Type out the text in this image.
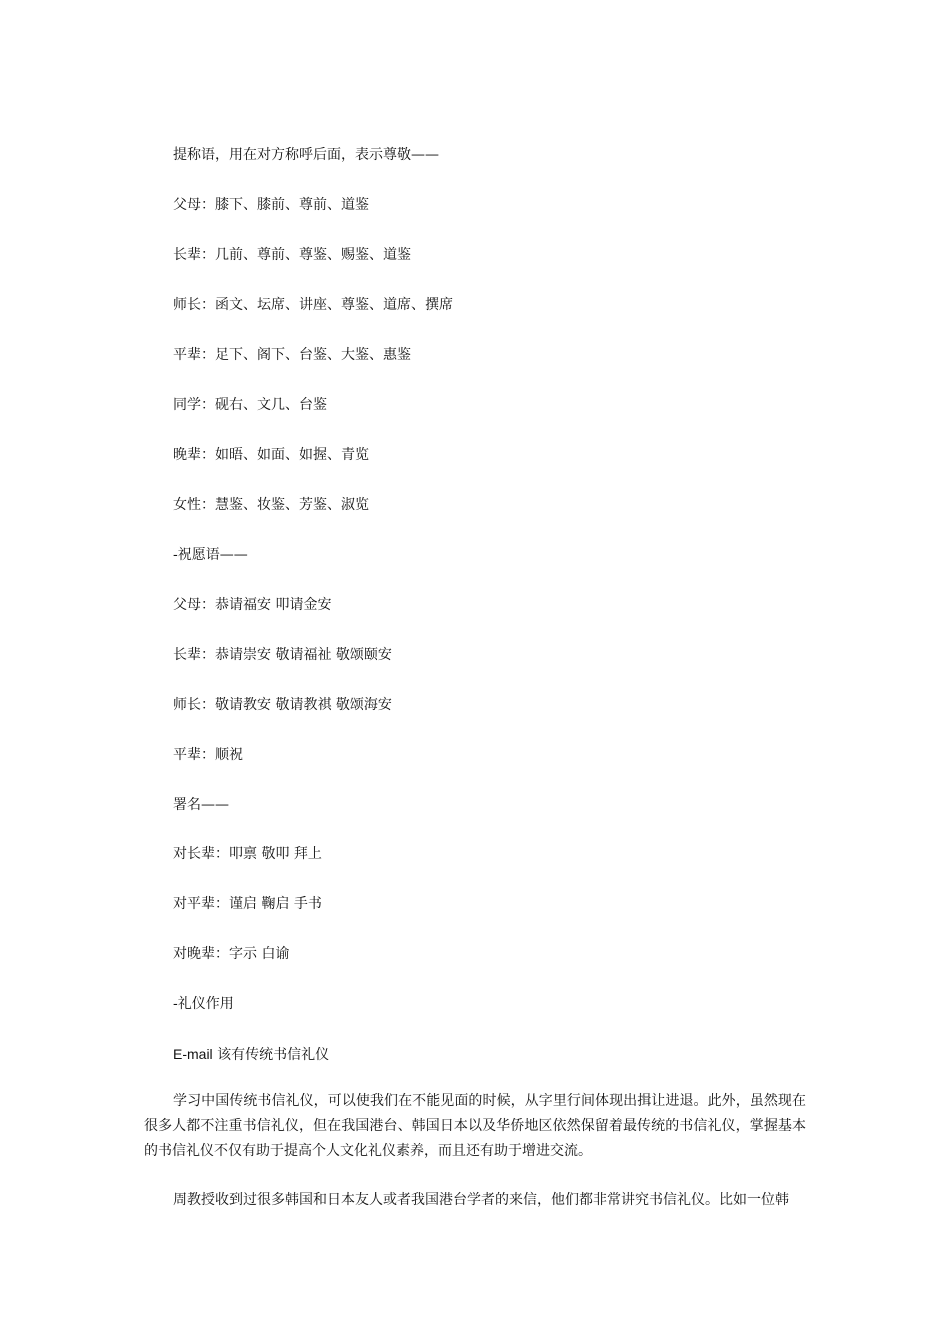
提称语，用在对方称呼后面，表示尊敬——
父母：膝下、膝前、尊前、道鉴
长辈：几前、尊前、尊鉴、赐鉴、道鉴
师长：函文、坛席、讲座、尊鉴、道席、撰席
平辈：足下、阁下、台鉴、大鉴、惠鉴
同学：砚右、文几、台鉴
晚辈：如晤、如面、如握、青览
女性：慧鉴、妆鉴、芳鉴、淑览
-祝愿语——
父母：恭请福安 叩请金安
长辈：恭请崇安 敬请福祉 敬颂颐安
师长：敬请教安 敬请教祺 敬颂海安
平辈：顺祝
署名——
对长辈：叩禀 敬叩 拜上
对平辈：谨启 鞠启 手书
对晚辈：字示 白谕
-礼仪作用
E-mail 该有传统书信礼仪
学习中国传统书信礼仪，可以使我们在不能见面的时候，从字里行间体现出揖让进退。此外，虽然现在很多人都不注重书信礼仪，但在我国港台、韩国日本以及华侨地区依然保留着最传统的书信礼仪，掌握基本的书信礼仪不仅有助于提高个人文化礼仪素养，而且还有助于增进交流。
周教授收到过很多韩国和日本友人或者我国港台学者的来信，他们都非常讲究书信礼仪。比如一位韩
